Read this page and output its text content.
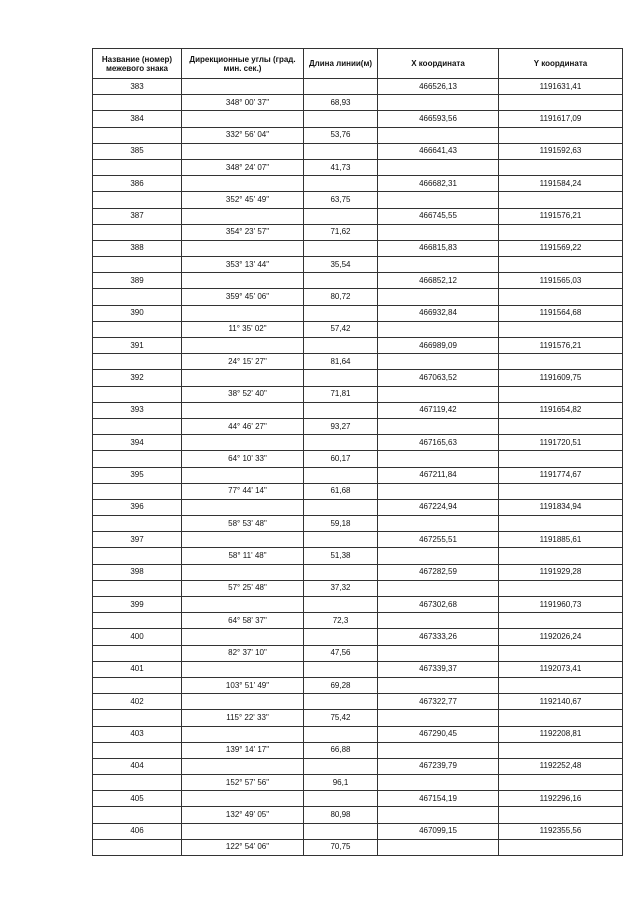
Название (номер) межевого знака	Дирекционные углы (град. мин. сек.)	Длина линии(м)	X координата	Y координата
383			466526,13	1191631,41
	348° 00' 37"	68,93		
384			466593,56	1191617,09
	332° 56' 04"	53,76		
385			466641,43	1191592,63
	348° 24' 07"	41,73		
386			466682,31	1191584,24
	352° 45' 49"	63,75		
387			466745,55	1191576,21
	354° 23' 57"	71,62		
388			466815,83	1191569,22
	353° 13' 44"	35,54		
389			466852,12	1191565,03
	359° 45' 06"	80,72		
390			466932,84	1191564,68
	11° 35' 02"	57,42		
391			466989,09	1191576,21
	24° 15' 27"	81,64		
392			467063,52	1191609,75
	38° 52' 40"	71,81		
393			467119,42	1191654,82
	44° 46' 27"	93,27		
394			467165,63	1191720,51
	64° 10' 33"	60,17		
395			467211,84	1191774,67
	77° 44' 14"	61,68		
396			467224,94	1191834,94
	58° 53' 48"	59,18		
397			467255,51	1191885,61
	58° 11' 48"	51,38		
398			467282,59	1191929,28
	57° 25' 48"	37,32		
399			467302,68	1191960,73
	64° 58' 37"	72,3		
400			467333,26	1192026,24
	82° 37' 10"	47,56		
401			467339,37	1192073,41
	103° 51' 49"	69,28		
402			467322,77	1192140,67
	115° 22' 33"	75,42		
403			467290,45	1192208,81
	139° 14' 17"	66,88		
404			467239,79	1192252,48
	152° 57' 56"	96,1		
405			467154,19	1192296,16
	132° 49' 05"	80,98		
406			467099,15	1192355,56
	122° 54' 06"	70,75		
